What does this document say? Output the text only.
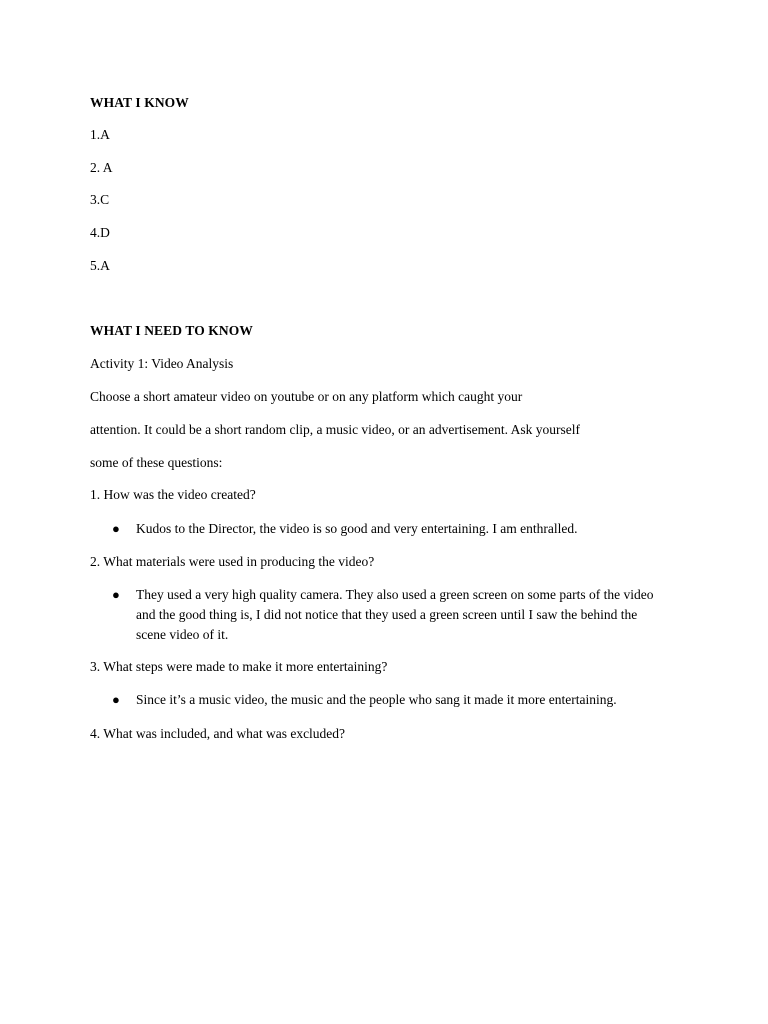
WHAT I KNOW
1.A
2. A
3.C
4.D
5.A
WHAT I NEED TO KNOW
Activity 1: Video Analysis
Choose a short amateur video on youtube or on any platform which caught your
attention. It could be a short random clip, a music video, or an advertisement. Ask yourself
some of these questions:
1. How was the video created?
●	Kudos to the Director, the video is so good and very entertaining. I am enthralled.
2. What materials were used in producing the video?
●	They used a very high quality camera. They also used a green screen on some parts of the video and the good thing is, I did not notice that they used a green screen until I saw the behind the scene video of it.
3. What steps were made to make it more entertaining?
●	Since it’s a music video, the music and the people who sang it made it more entertaining.
4. What was included, and what was excluded?
